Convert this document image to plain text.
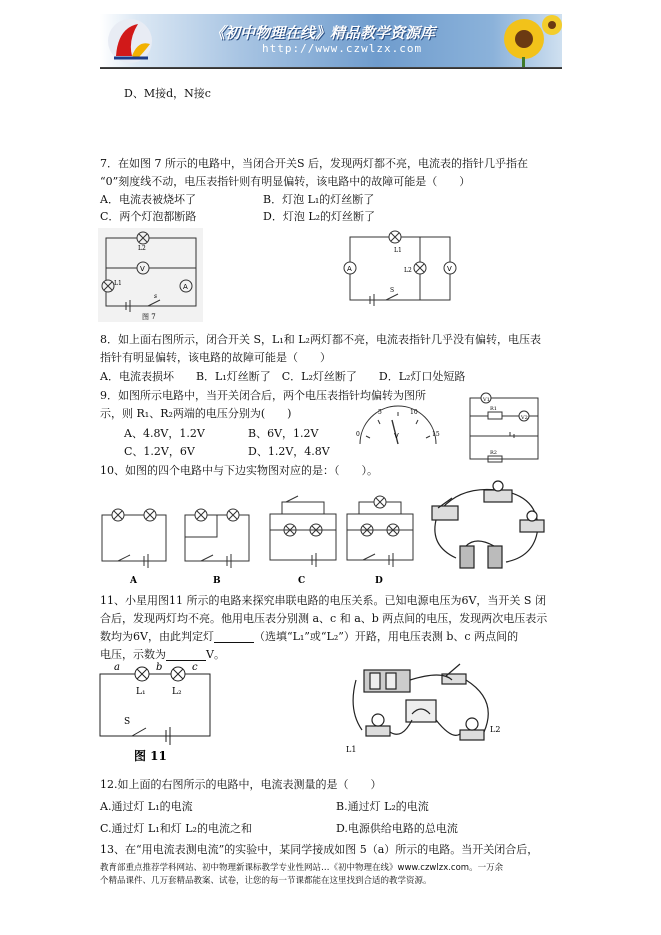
《初中物理在线》精品教学资源库
http://www.czwlzx.com
D、M接d，N接c
7．在如图 7 所示的电路中，当闭合开关S 后，发现两灯都不亮，电流表的指针几乎指在
“0”刻度线不动，电压表指针则有明显偏转，该电路中的故障可能是（　　）
A．电流表被烧坏了	B．灯泡 L₁的灯丝断了
C．两个灯泡都断路	D．灯泡 L₂的灯丝断了
V
A
L2
L1
s
图 7
A	V
L1
L2
S
8．如上面右图所示，闭合开关 S，L₁和 L₂两灯都不亮，电流表指针几乎没有偏转，电压表
指针有明显偏转，该电路的故障可能是（　　）
A．电流表损坏　　B．L₁灯丝断了　C．L₂灯丝断了　　D．L₂灯口处短路
9．如图所示电路中，当开关闭合后，两个电压表指针均偏转为图所
示，则 R₁、R₂两端的电压分别为(　　)
A、4.8V，1.2V	B、6V，1.2V
C、1.2V，6V	D、1.2V，4.8V
0
5	10
15
V
V1
V2
R1
R2
10、如图的四个电路中与下边实物图对应的是：（　　）。
A	B	C	D
11、小星用图11 所示的电路来探究串联电路的电压关系。已知电源电压为6V，当开关 S 闭
合后，发现两灯均不亮。他用电压表分别测 a、c 和 a、b 两点间的电压，发现两次电压表示
数均为6V，由此判定灯	（选填“L₁”或“L₂”）开路，用电压表测 b、c 两点间的
电压，示数为	V。
a	b	c
L₁	L₂
S
图 11	L1
L2
12.如上面的右图所示的电路中，电流表测量的是（　　）
A.通过灯 L₁的电流	B.通过灯 L₂的电流
C.通过灯 L₁和灯 L₂的电流之和	D.电源供给电路的总电流
13、在“用电流表测电流”的实验中，某同学接成如图 5（a）所示的电路。当开关闭合后，
教育部重点推荐学科网站、初中物理新课标教学专业性网站…《初中物理在线》www.czwlzx.com。一万余
个精品课件、几万套精品教案、试卷，让您的每一节课都能在这里找到合适的教学资源。
